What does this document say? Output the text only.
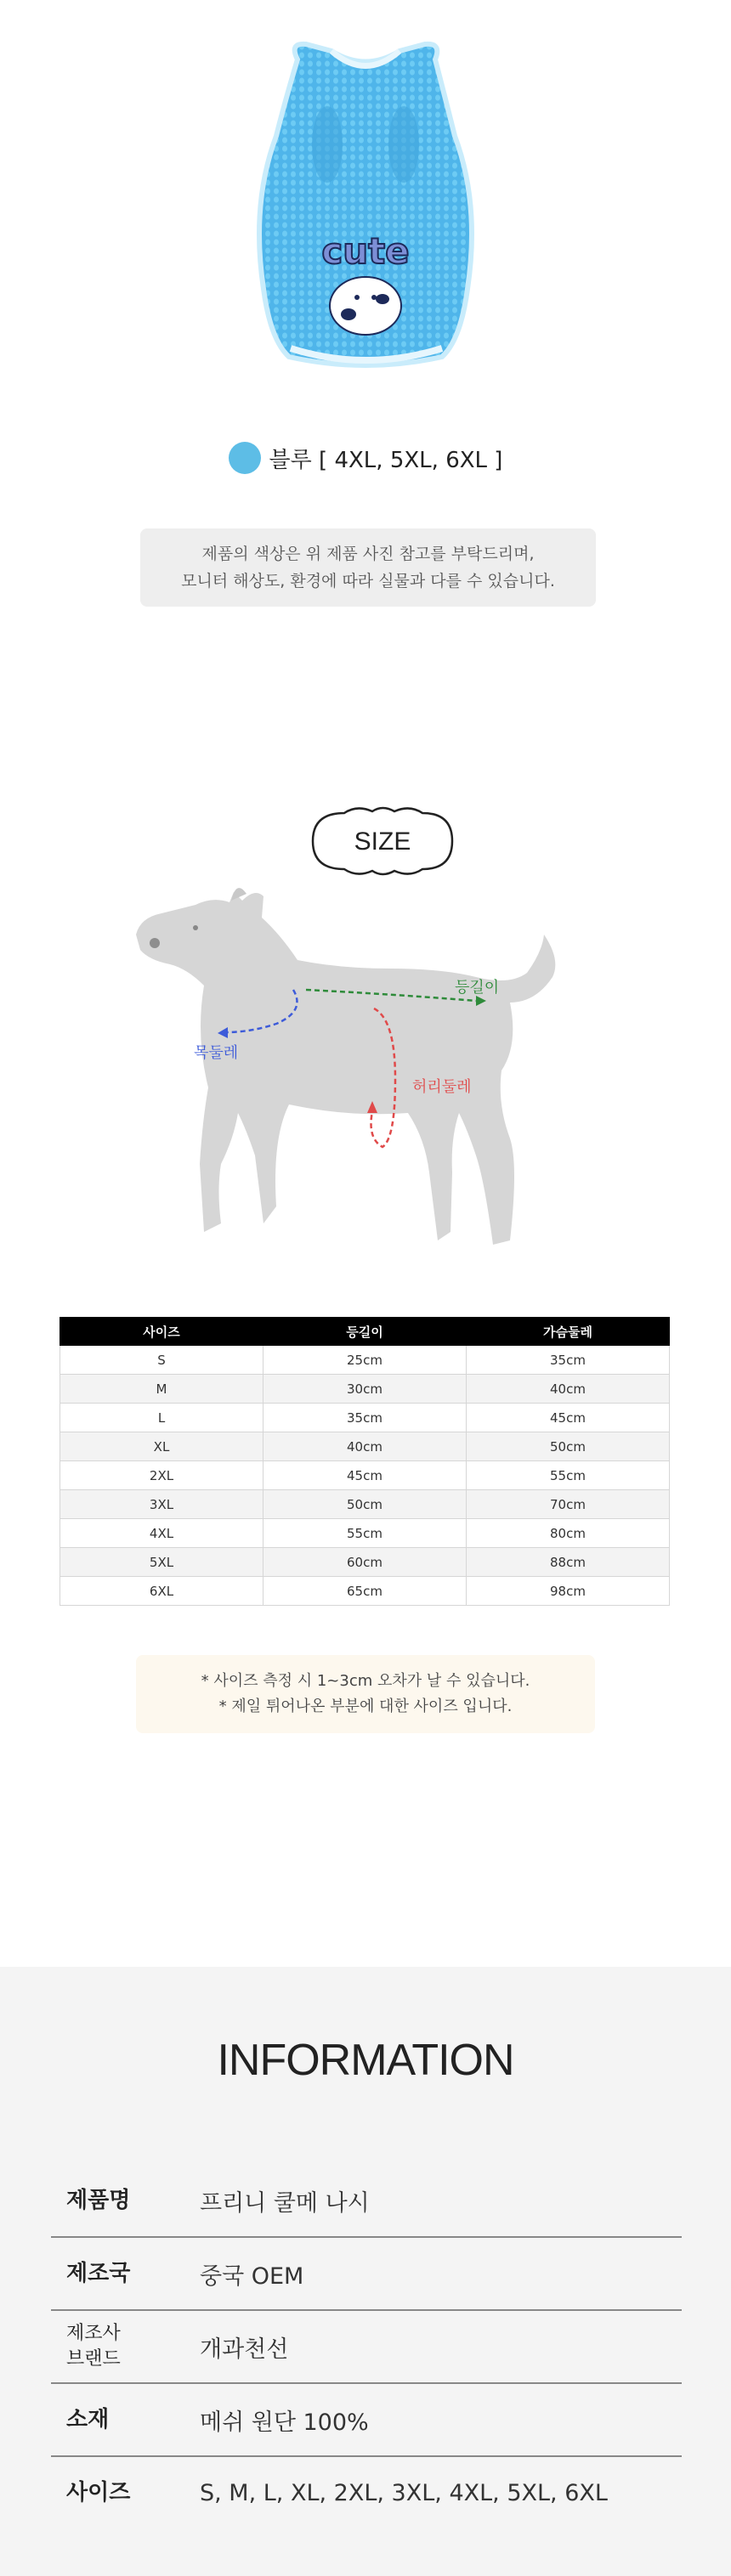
cute
블루 [ 4XL, 5XL, 6XL ]
제품의 색상은 위 제품 사진 참고를 부탁드리며,
모니터 해상도, 환경에 따라 실물과 다를 수 있습니다.
SIZE
등길이
목둘레
허리둘레
사이즈	등길이	가슴둘레
S	25cm	35cm
M	30cm	40cm
L	35cm	45cm
XL	40cm	50cm
2XL	45cm	55cm
3XL	50cm	70cm
4XL	55cm	80cm
5XL	60cm	88cm
6XL	65cm	98cm
* 사이즈 측정 시 1~3cm 오차가 날 수 있습니다.
* 제일 튀어나온 부분에 대한 사이즈 입니다.
INFORMATION
제품명	프리니 쿨메 나시
제조국	중국 OEM
제조사
브랜드	개과천선
소재	메쉬 원단 100%
사이즈	S, M, L, XL, 2XL, 3XL, 4XL, 5XL, 6XL
